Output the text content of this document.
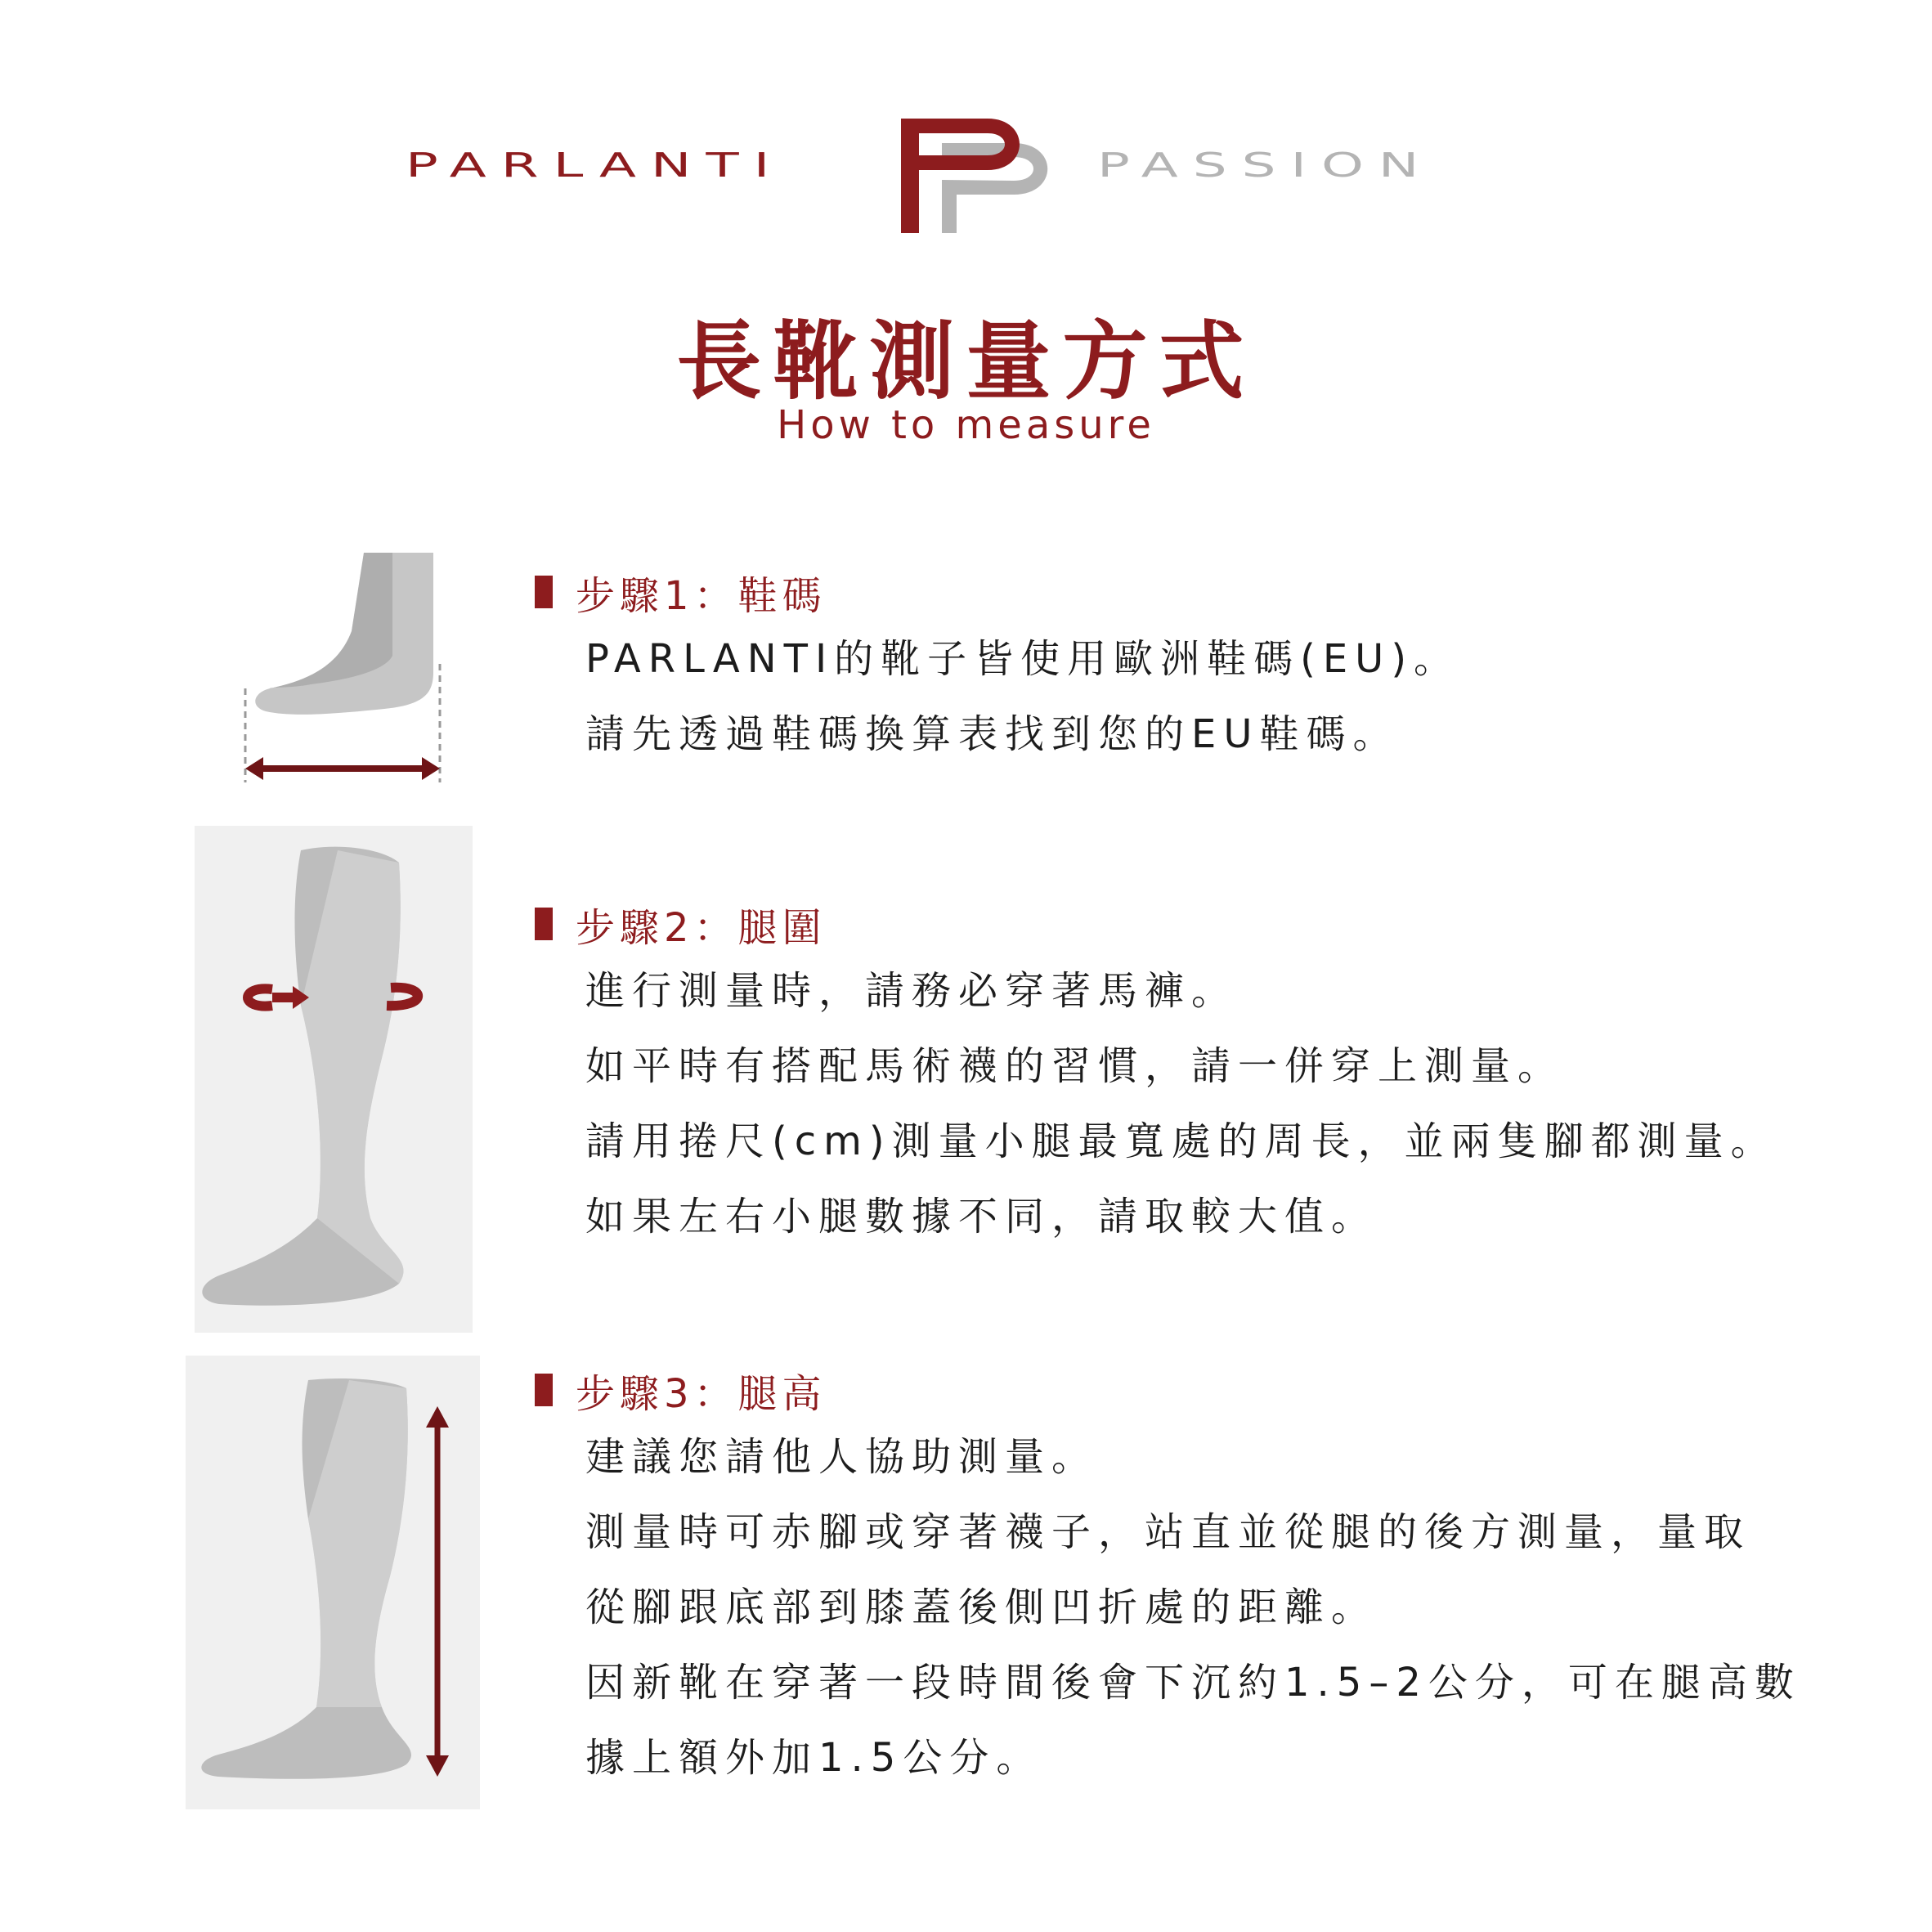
PARLANTI	PASSION
長靴測量方式
How to measure
步驟1：鞋碼
PARLANTI的靴子皆使用歐洲鞋碼(EU)。
請先透過鞋碼換算表找到您的EU鞋碼。
步驟2：腿圍
進行測量時，請務必穿著馬褲。
如平時有搭配馬術襪的習慣，請一併穿上測量。
請用捲尺(cm)測量小腿最寬處的周長，並兩隻腳都測量。
如果左右小腿數據不同，請取較大值。
步驟3：腿高
建議您請他人協助測量。
測量時可赤腳或穿著襪子，站直並從腿的後方測量，量取
從腳跟底部到膝蓋後側凹折處的距離。
因新靴在穿著一段時間後會下沉約1.5–2公分，可在腿高數
據上額外加1.5公分。
